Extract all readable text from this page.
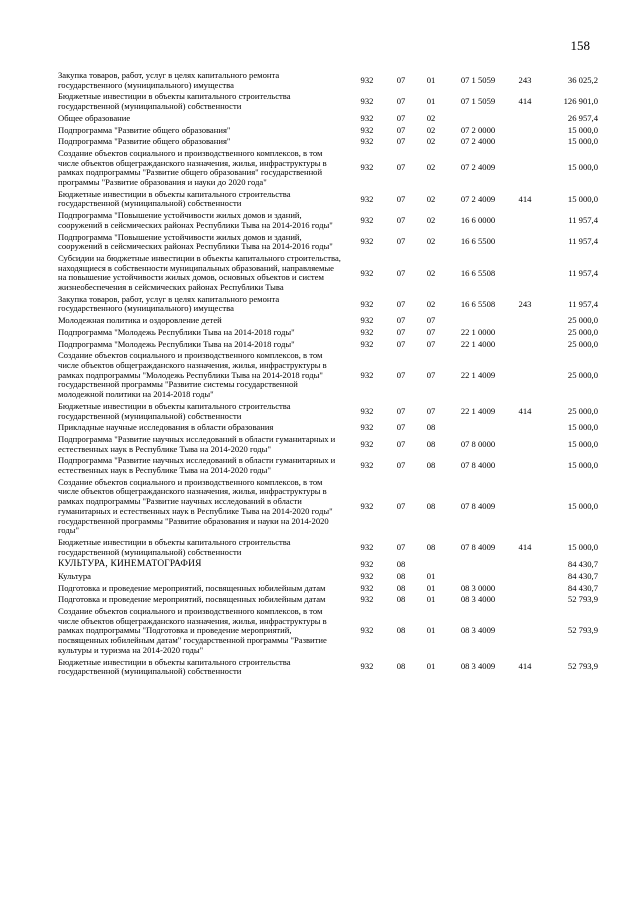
158
Закупка товаров, работ, услуг в целях капитального ремонта государственного (муниципального) имущества	932	07	01	07 1 5059	243	36 025,2
Бюджетные инвестиции в объекты капитального строительства государственной (муниципальной) собственности	932	07	01	07 1 5059	414	126 901,0
Общее образование	932	07	02			26 957,4
Подпрограмма "Развитие общего образования"	932	07	02	07 2 0000		15 000,0
Подпрограмма "Развитие общего образования"	932	07	02	07 2 4000		15 000,0
Создание объектов социального и производственного комплексов, в том числе объектов общегражданского назначения, жилья, инфраструктуры в рамках подпрограммы "Развитие общего образования" государственной программы "Развитие образования и науки до 2020 года"	932	07	02	07 2 4009		15 000,0
Бюджетные инвестиции в объекты капитального строительства государственной (муниципальной) собственности	932	07	02	07 2 4009	414	15 000,0
Подпрограмма "Повышение устойчивости жилых домов и зданий, сооружений в сейсмических районах Республики Тыва на 2014-2016 годы"	932	07	02	16 6 0000		11 957,4
Подпрограмма "Повышение устойчивости жилых домов и зданий, сооружений в сейсмических районах Республики Тыва на 2014-2016 годы"	932	07	02	16 6 5500		11 957,4
Субсидии на бюджетные инвестиции в объекты капитального строительства, находящиеся в собственности муниципальных образований, направляемые на повышение устойчивости жилых домов, основных объектов и систем жизнеобеспечения в сейсмических районах Республики Тыва	932	07	02	16 6 5508		11 957,4
Закупка товаров, работ, услуг в целях капитального ремонта государственного (муниципального) имущества	932	07	02	16 6 5508	243	11 957,4
Молодежная политика и оздоровление детей	932	07	07			25 000,0
Подпрограмма "Молодежь Республики Тыва на 2014-2018 годы"	932	07	07	22 1 0000		25 000,0
Подпрограмма "Молодежь Республики Тыва на 2014-2018 годы"	932	07	07	22 1 4000		25 000,0
Создание объектов социального и производственного комплексов, в том числе объектов общегражданского назначения, жилья, инфраструктуры в рамках подпрограммы "Молодежь Республики Тыва на 2014-2018 годы" государственной программы "Развитие системы государственной молодежной политики на 2014-2018 годы"	932	07	07	22 1 4009		25 000,0
Бюджетные инвестиции в объекты капитального строительства государственной (муниципальной) собственности	932	07	07	22 1 4009	414	25 000,0
Прикладные научные исследования в области образования	932	07	08			15 000,0
Подпрограмма "Развитие научных исследований в области гуманитарных и естественных наук в Республике Тыва на 2014-2020 годы"	932	07	08	07 8 0000		15 000,0
Подпрограмма "Развитие научных исследований в области гуманитарных и естественных наук в Республике Тыва на 2014-2020 годы"	932	07	08	07 8 4000		15 000,0
Создание объектов социального и производственного комплексов, в том числе объектов общегражданского назначения, жилья, инфраструктуры в рамках подпрограммы "Развитие научных исследований в области гуманитарных и естественных наук в Республике Тыва на 2014-2020 годы" государственной программы "Развитие образования и науки на 2014-2020 годы"	932	07	08	07 8 4009		15 000,0
Бюджетные инвестиции в объекты капитального строительства государственной (муниципальной) собственности	932	07	08	07 8 4009	414	15 000,0
КУЛЬТУРА, КИНЕМАТОГРАФИЯ	932	08				84 430,7
Культура	932	08	01			84 430,7
Подготовка и проведение мероприятий, посвященных юбилейным датам	932	08	01	08 3 0000		84 430,7
Подготовка и проведение мероприятий, посвященных юбилейным датам	932	08	01	08 3 4000		52 793,9
Создание объектов социального и производственного комплексов, в том числе объектов общегражданского назначения, жилья, инфраструктуры в рамках подпрограммы "Подготовка и проведение мероприятий, посвященных юбилейным датам" государственной программы "Развитие культуры и туризма на 2014-2020 годы"	932	08	01	08 3 4009		52 793,9
Бюджетные инвестиции в объекты капитального строительства государственной (муниципальной) собственности	932	08	01	08 3 4009	414	52 793,9
